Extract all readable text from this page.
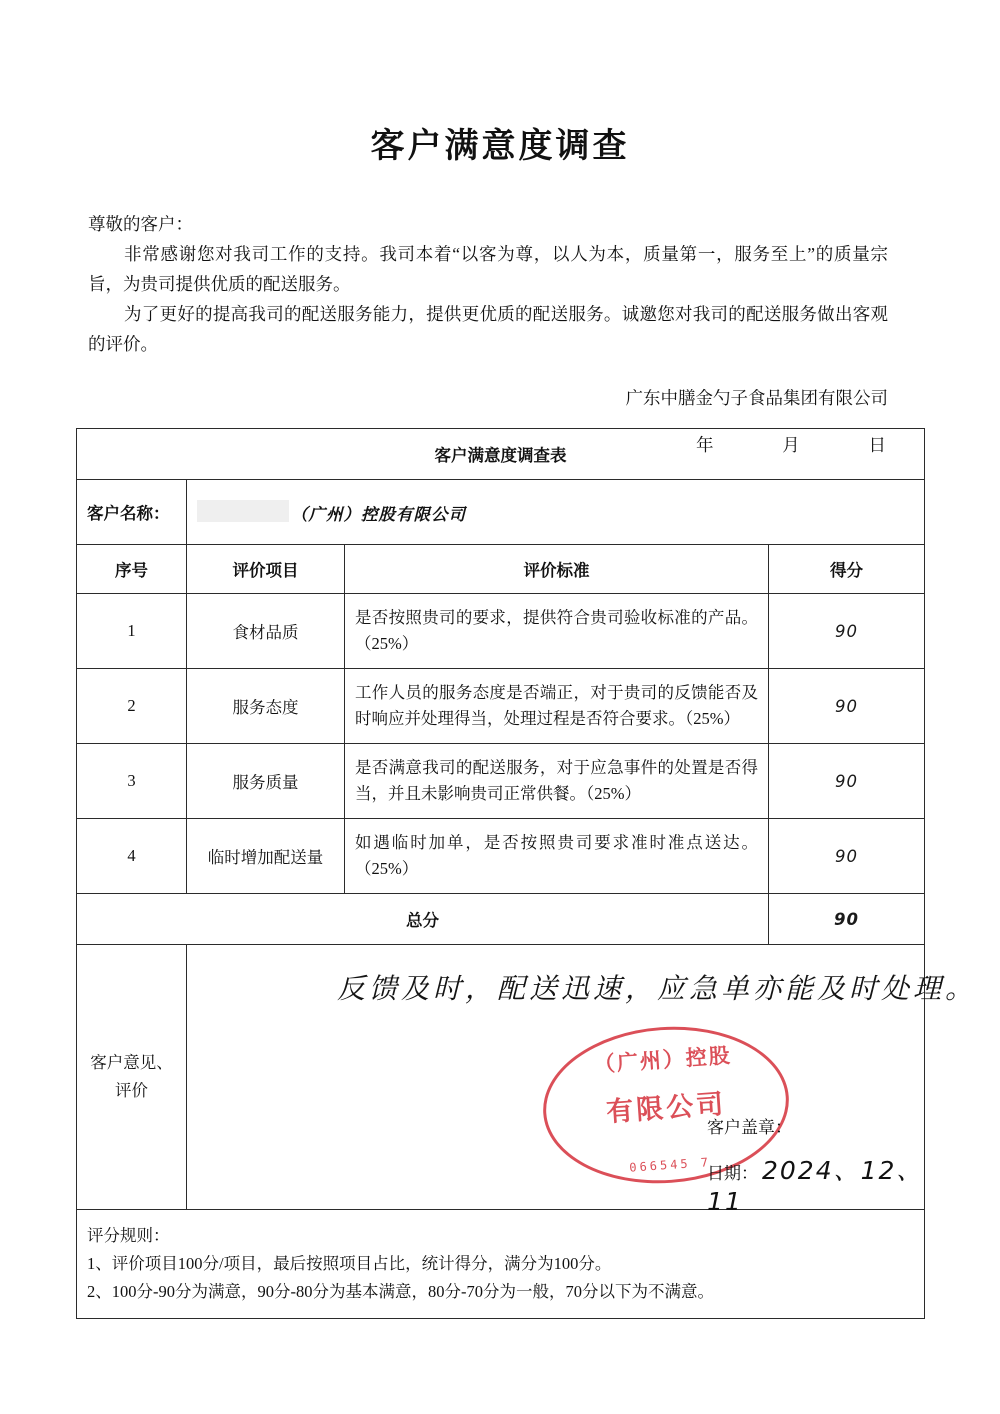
客户满意度调查

尊敬的客户：

非常感谢您对我司工作的支持。我司本着“以客为尊，以人为本，质量第一，服务至上”的质量宗旨，为贵司提供优质的配送服务。

为了更好的提高我司的配送服务能力，提供更优质的配送服务。诚邀您对我司的配送服务做出客观的评价。

广东中膳金勺子食品集团有限公司

年	月	日

客户满意度调查表			
客户名称：	（广州）控股有限公司		
序号	评价项目	评价标准	得分
1	食材品质	是否按照贵司的要求，提供符合贵司验收标准的产品。（25%）	90
2	服务态度	工作人员的服务态度是否端正，对于贵司的反馈能否及时响应并处理得当，处理过程是否符合要求。（25%）	90
3	服务质量	是否满意我司的配送服务，对于应急事件的处置是否得当，并且未影响贵司正常供餐。（25%）	90
4	临时增加配送量	如遇临时加单，是否按照贵司要求准时准点送达。（25%）	90
总分			90
客户意见、评价	
反馈及时，配送迅速，应急单亦能及时处理。
（广州）控股
有限公司
066545 7
客户盖章：
日期： 2024、12、11

评分规则：
1、评价项目100分/项目，最后按照项目占比，统计得分，满分为100分。
2、100分-90分为满意，90分-80分为基本满意，80分-70分为一般，70分以下为不满意。			
